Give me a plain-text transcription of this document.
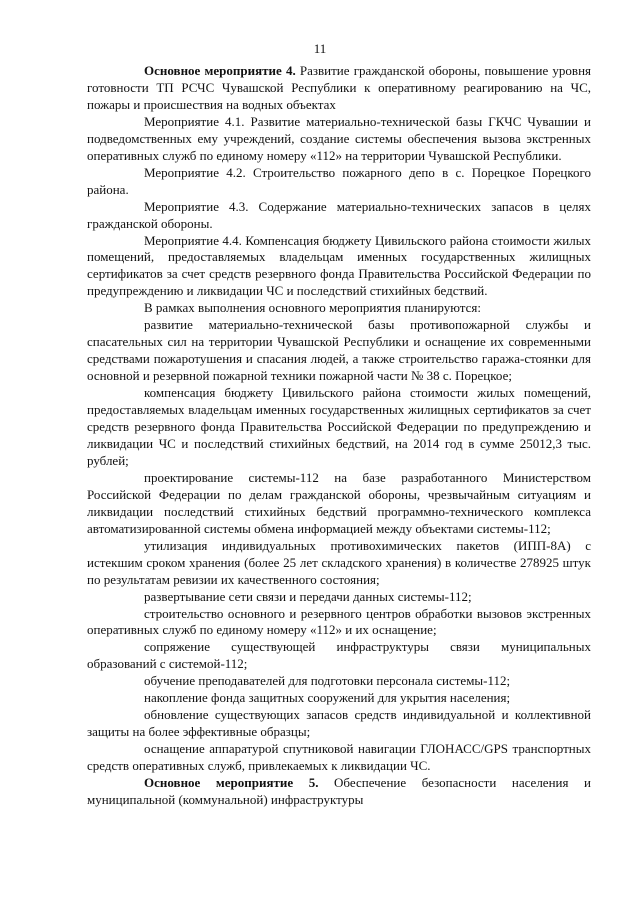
11

Основное мероприятие 4. Развитие гражданской обороны, повышение уровня готовности ТП РСЧС Чувашской Республики к оперативному реагированию на ЧС, пожары и происшествия на водных объектах

Мероприятие 4.1. Развитие материально-технической базы ГКЧС Чувашии и подведомственных ему учреждений, создание системы обеспечения вызова экстренных оперативных служб по единому номеру «112» на территории Чувашской Республики.

Мероприятие 4.2. Строительство пожарного депо в с. Порецкое Порецкого района.

Мероприятие 4.3. Содержание материально-технических запасов в целях гражданской обороны.

Мероприятие 4.4. Компенсация бюджету Цивильского района стоимости жилых помещений, предоставляемых владельцам именных государственных жилищных сертификатов за счет средств резервного фонда Правительства Российской Федерации по предупреждению и ликвидации ЧС и последствий стихийных бедствий.

В рамках выполнения основного мероприятия планируются:

развитие материально-технической базы противопожарной службы и спасательных сил на территории Чувашской Республики и оснащение их современными средствами пожаротушения и спасания людей, а также строительство гаража-стоянки для основной и резервной пожарной техники пожарной части № 38 с. Порецкое;

компенсация бюджету Цивильского района стоимости жилых помещений, предоставляемых владельцам именных государственных жилищных сертификатов за счет средств резервного фонда Правительства Российской Федерации по предупреждению и ликвидации ЧС и последствий стихийных бедствий, на 2014 год в сумме 25012,3 тыс. рублей;

проектирование системы-112 на базе разработанного Министерством Российской Федерации по делам гражданской обороны, чрезвычайным ситуациям и ликвидации последствий стихийных бедствий программно-технического комплекса автоматизированной системы обмена информацией между объектами системы-112;

утилизация индивидуальных противохимических пакетов (ИПП-8А) с истекшим сроком хранения (более 25 лет складского хранения) в количестве 278925 штук по результатам ревизии их качественного состояния;

развертывание сети связи и передачи данных системы-112;

строительство основного и резервного центров обработки вызовов экстренных оперативных служб по единому номеру «112» и их оснащение;

сопряжение существующей инфраструктуры связи муниципальных образований с системой-112;

обучение преподавателей для подготовки персонала системы-112;

накопление фонда защитных сооружений для укрытия населения;

обновление существующих запасов средств индивидуальной и коллективной защиты на более эффективные образцы;

оснащение аппаратурой спутниковой навигации ГЛОНАСС/GPS транспортных средств оперативных служб, привлекаемых к ликвидации ЧС.

Основное мероприятие 5. Обеспечение безопасности населения и муниципальной (коммунальной) инфраструктуры
